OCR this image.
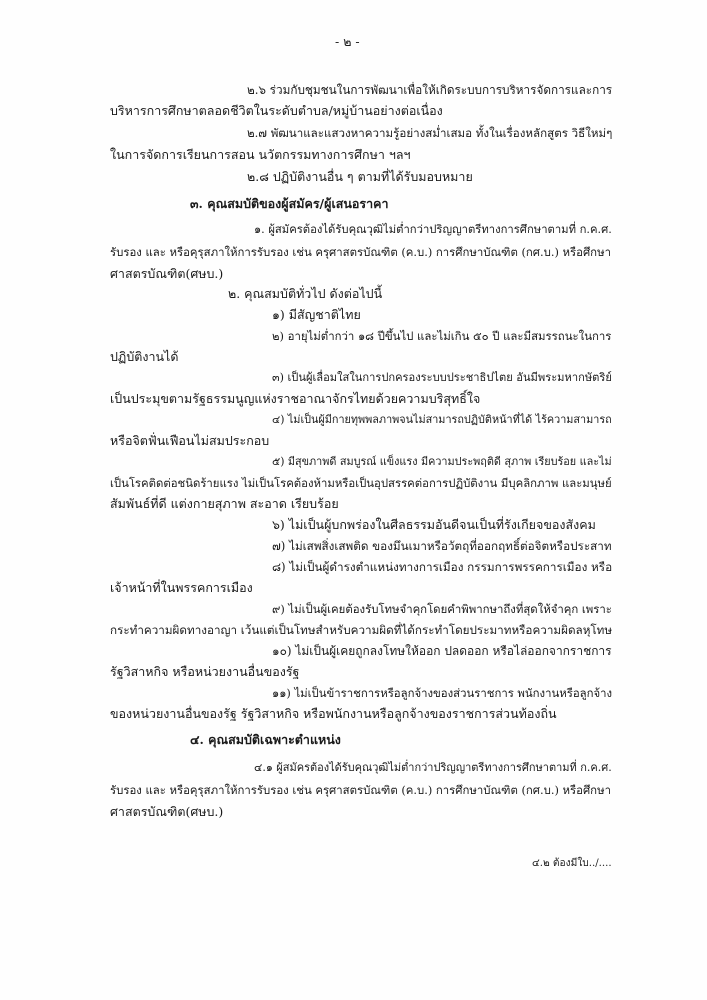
- ๒ -
๒.๖ ร่วมกับชุมชนในการพัฒนาเพื่อให้เกิดระบบการบริหารจัดการและการ
บริหารการศึกษาตลอดชีวิตในระดับตำบล/หมู่บ้านอย่างต่อเนื่อง
๒.๗ พัฒนาและแสวงหาความรู้อย่างสม่ำเสมอ ทั้งในเรื่องหลักสูตร วิธีใหม่ๆ
ในการจัดการเรียนการสอน นวัตกรรมทางการศึกษา ฯลฯ
๒.๘ ปฏิบัติงานอื่น ๆ ตามที่ได้รับมอบหมาย
๓. คุณสมบัติของผู้สมัคร/ผู้เสนอราคา
๑. ผู้สมัครต้องได้รับคุณวุฒิไม่ต่ำกว่าปริญญาตรีทางการศึกษาตามที่ ก.ค.ศ.
รับรอง และ หรือคุรุสภาให้การรับรอง เช่น ครุศาสตรบัณฑิต (ค.บ.) การศึกษาบัณฑิต (กศ.บ.) หรือศึกษา
ศาสตรบัณฑิต(ศษบ.)
๒. คุณสมบัติทั่วไป ดังต่อไปนี้
๑) มีสัญชาติไทย
๒) อายุไม่ต่ำกว่า ๑๘ ปีขึ้นไป และไม่เกิน ๕๐ ปี และมีสมรรถนะในการ
ปฏิบัติงานได้
๓) เป็นผู้เลื่อมใสในการปกครองระบบประชาธิปไตย อันมีพระมหากษัตริย์
เป็นประมุขตามรัฐธรรมนูญแห่งราชอาณาจักรไทยด้วยความบริสุทธิ์ใจ
๔) ไม่เป็นผู้มีกายทุพพลภาพจนไม่สามารถปฏิบัติหน้าที่ได้ ไร้ความสามารถ
หรือจิตฟั่นเฟือนไม่สมประกอบ
๕) มีสุขภาพดี สมบูรณ์ แข็งแรง มีความประพฤติดี สุภาพ เรียบร้อย และไม่
เป็นโรคติดต่อชนิดร้ายแรง ไม่เป็นโรคต้องห้ามหรือเป็นอุปสรรคต่อการปฏิบัติงาน มีบุคลิกภาพ และมนุษย์
สัมพันธ์ที่ดี แต่งกายสุภาพ สะอาด เรียบร้อย
๖) ไม่เป็นผู้บกพร่องในศีลธรรมอันดีจนเป็นที่รังเกียจของสังคม
๗) ไม่เสพสิ่งเสพติด ของมึนเมาหรือวัตถุที่ออกฤทธิ์ต่อจิตหรือประสาท
๘) ไม่เป็นผู้ดำรงตำแหน่งทางการเมือง กรรมการพรรคการเมือง หรือ
เจ้าหน้าที่ในพรรคการเมือง
๙) ไม่เป็นผู้เคยต้องรับโทษจำคุกโดยคำพิพากษาถึงที่สุดให้จำคุก เพราะ
กระทำความผิดทางอาญา เว้นแต่เป็นโทษสำหรับความผิดที่ได้กระทำโดยประมาทหรือความผิดลหุโทษ
๑๐) ไม่เป็นผู้เคยถูกลงโทษให้ออก ปลดออก หรือไล่ออกจากราชการ
รัฐวิสาหกิจ หรือหน่วยงานอื่นของรัฐ
๑๑) ไม่เป็นข้าราชการหรือลูกจ้างของส่วนราชการ พนักงานหรือลูกจ้าง
ของหน่วยงานอื่นของรัฐ รัฐวิสาหกิจ หรือพนักงานหรือลูกจ้างของราชการส่วนท้องถิ่น
๔. คุณสมบัติเฉพาะตำแหน่ง
๔.๑ ผู้สมัครต้องได้รับคุณวุฒิไม่ต่ำกว่าปริญญาตรีทางการศึกษาตามที่ ก.ค.ศ.
รับรอง และ หรือคุรุสภาให้การรับรอง เช่น ครุศาสตรบัณฑิต (ค.บ.) การศึกษาบัณฑิต (กศ.บ.) หรือศึกษา
ศาสตรบัณฑิต(ศษบ.)
๔.๒ ต้องมีใบ../....
